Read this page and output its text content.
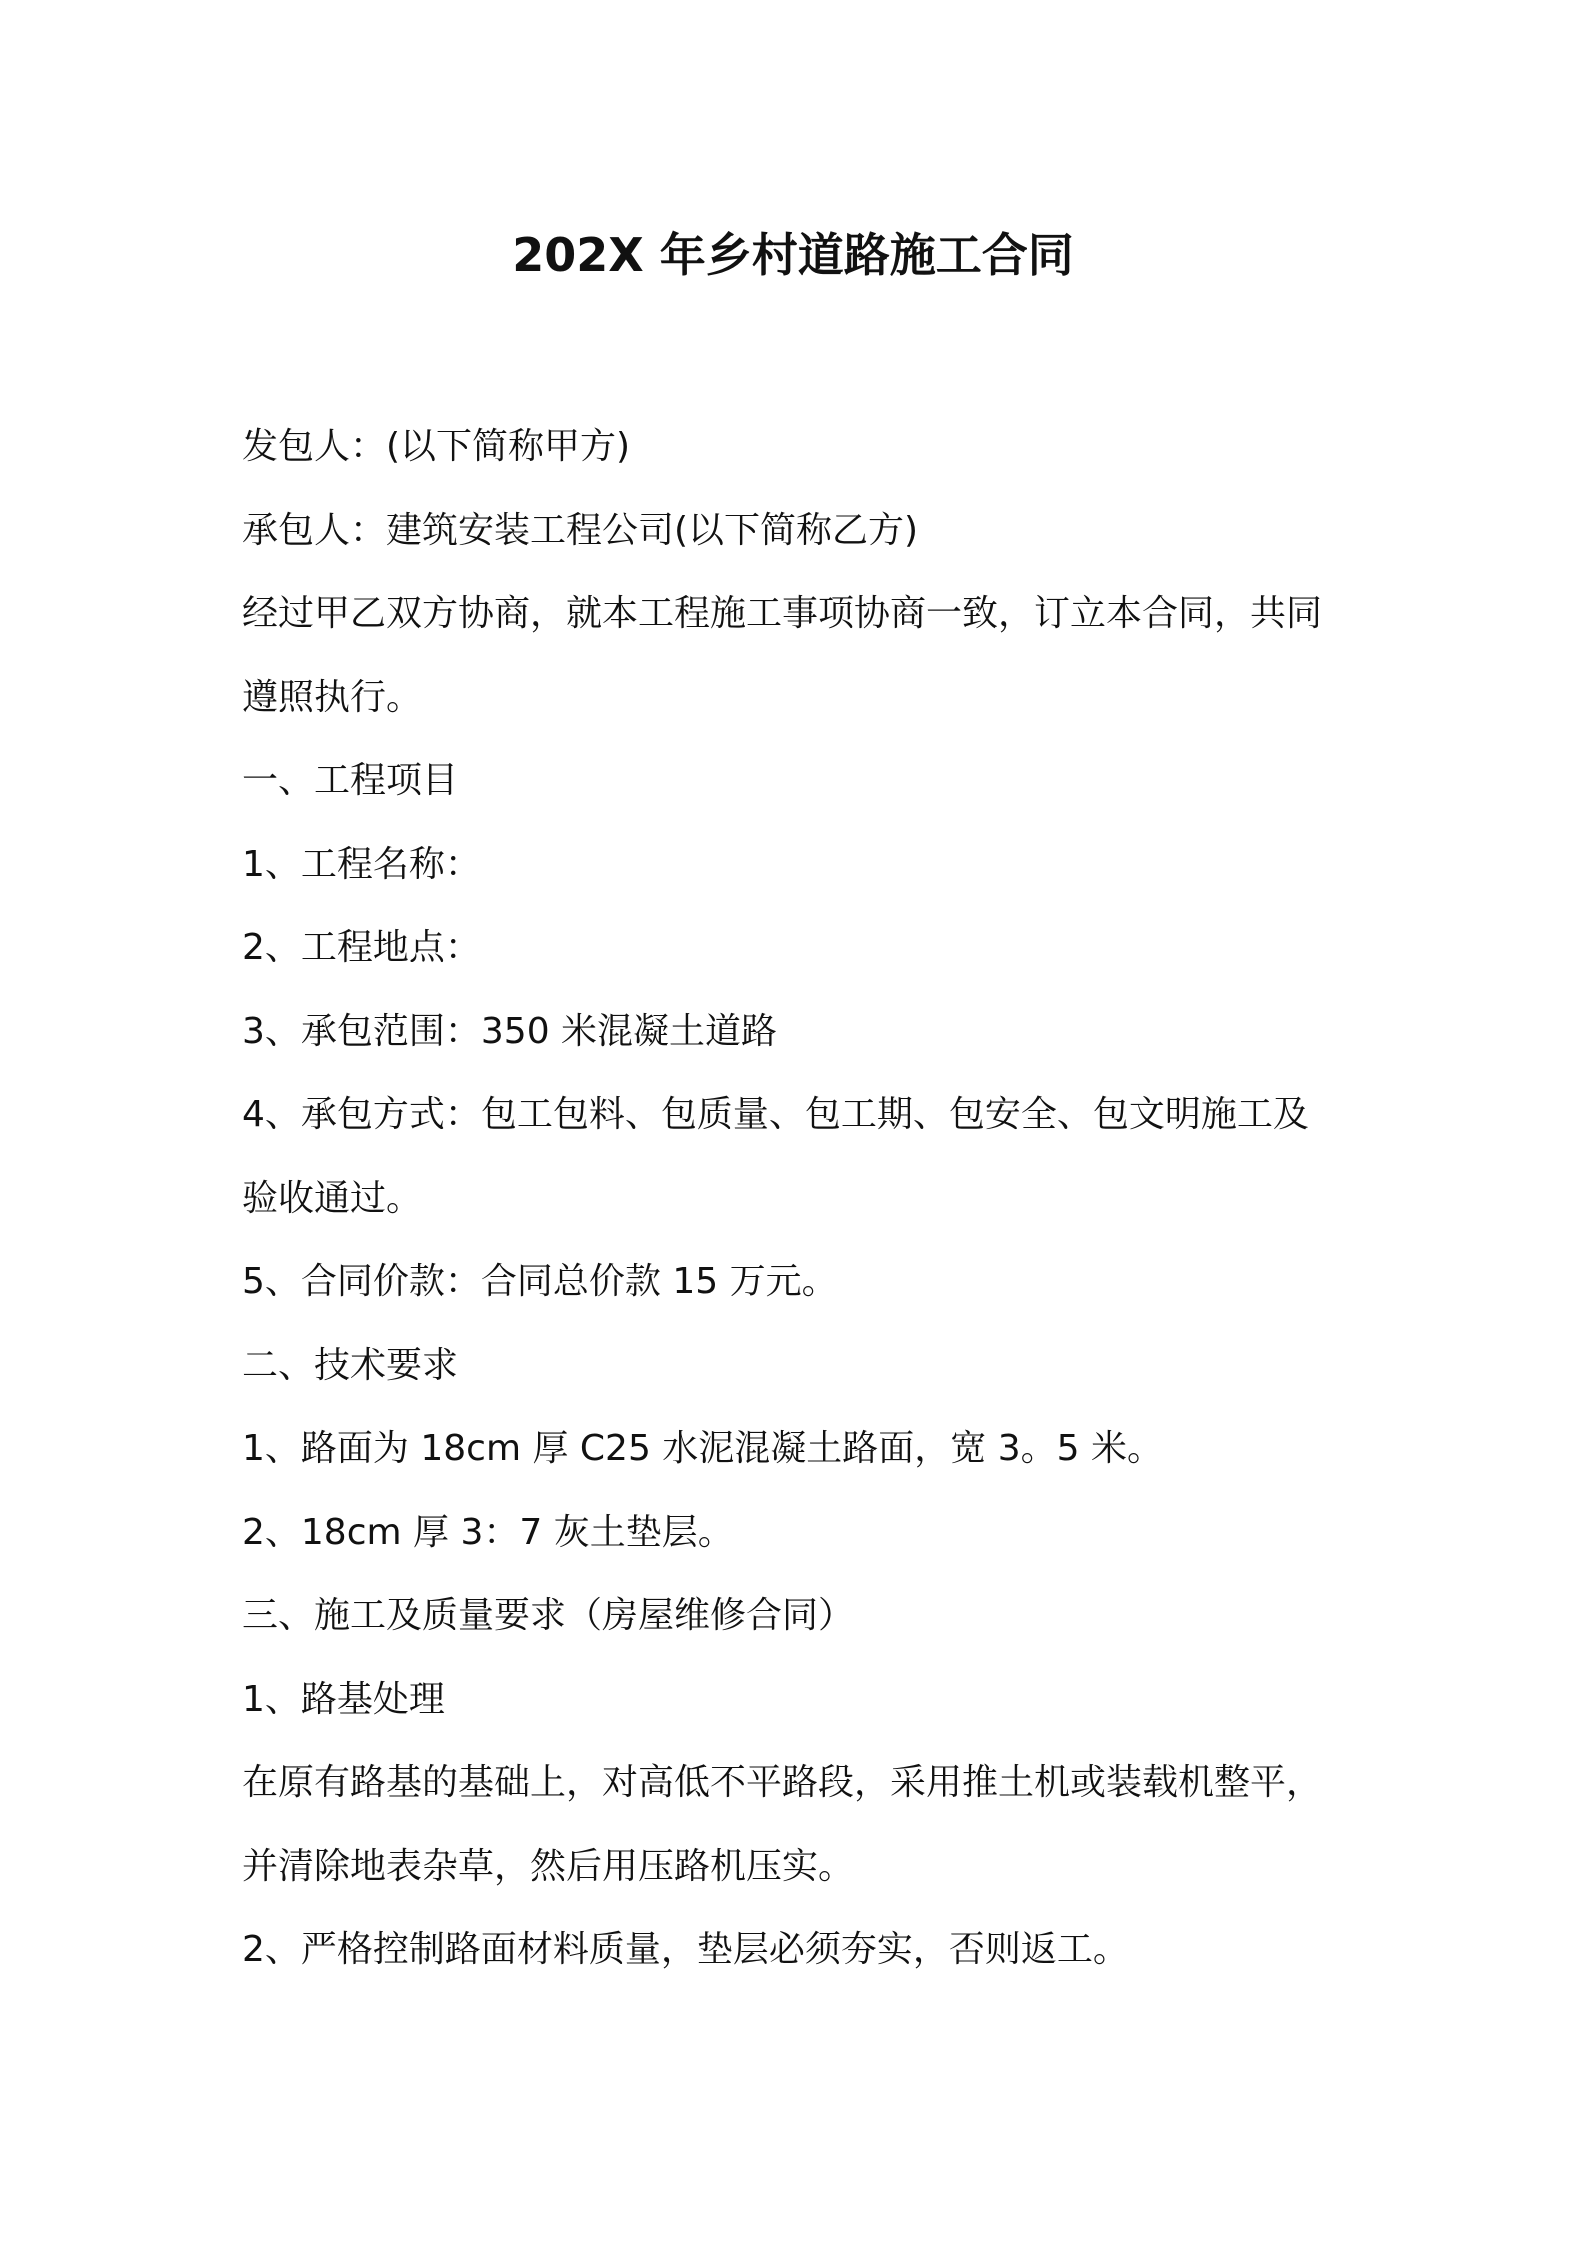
202X 年乡村道路施工合同
发包人：(以下简称甲方)
承包人：建筑安装工程公司(以下简称乙方)
经过甲乙双方协商，就本工程施工事项协商一致，订立本合同，共同
遵照执行。
一、工程项目
1、工程名称：
2、工程地点：
3、承包范围：350 米混凝土道路
4、承包方式：包工包料、包质量、包工期、包安全、包文明施工及
验收通过。
5、合同价款：合同总价款 15 万元。
二、技术要求
1、路面为 18cm 厚 C25 水泥混凝土路面，宽 3。5 米。
2、18cm 厚 3：7 灰土垫层。
三、施工及质量要求（房屋维修合同）
1、路基处理
在原有路基的基础上，对高低不平路段，采用推土机或装载机整平，
并清除地表杂草，然后用压路机压实。
2、严格控制路面材料质量，垫层必须夯实，否则返工。
